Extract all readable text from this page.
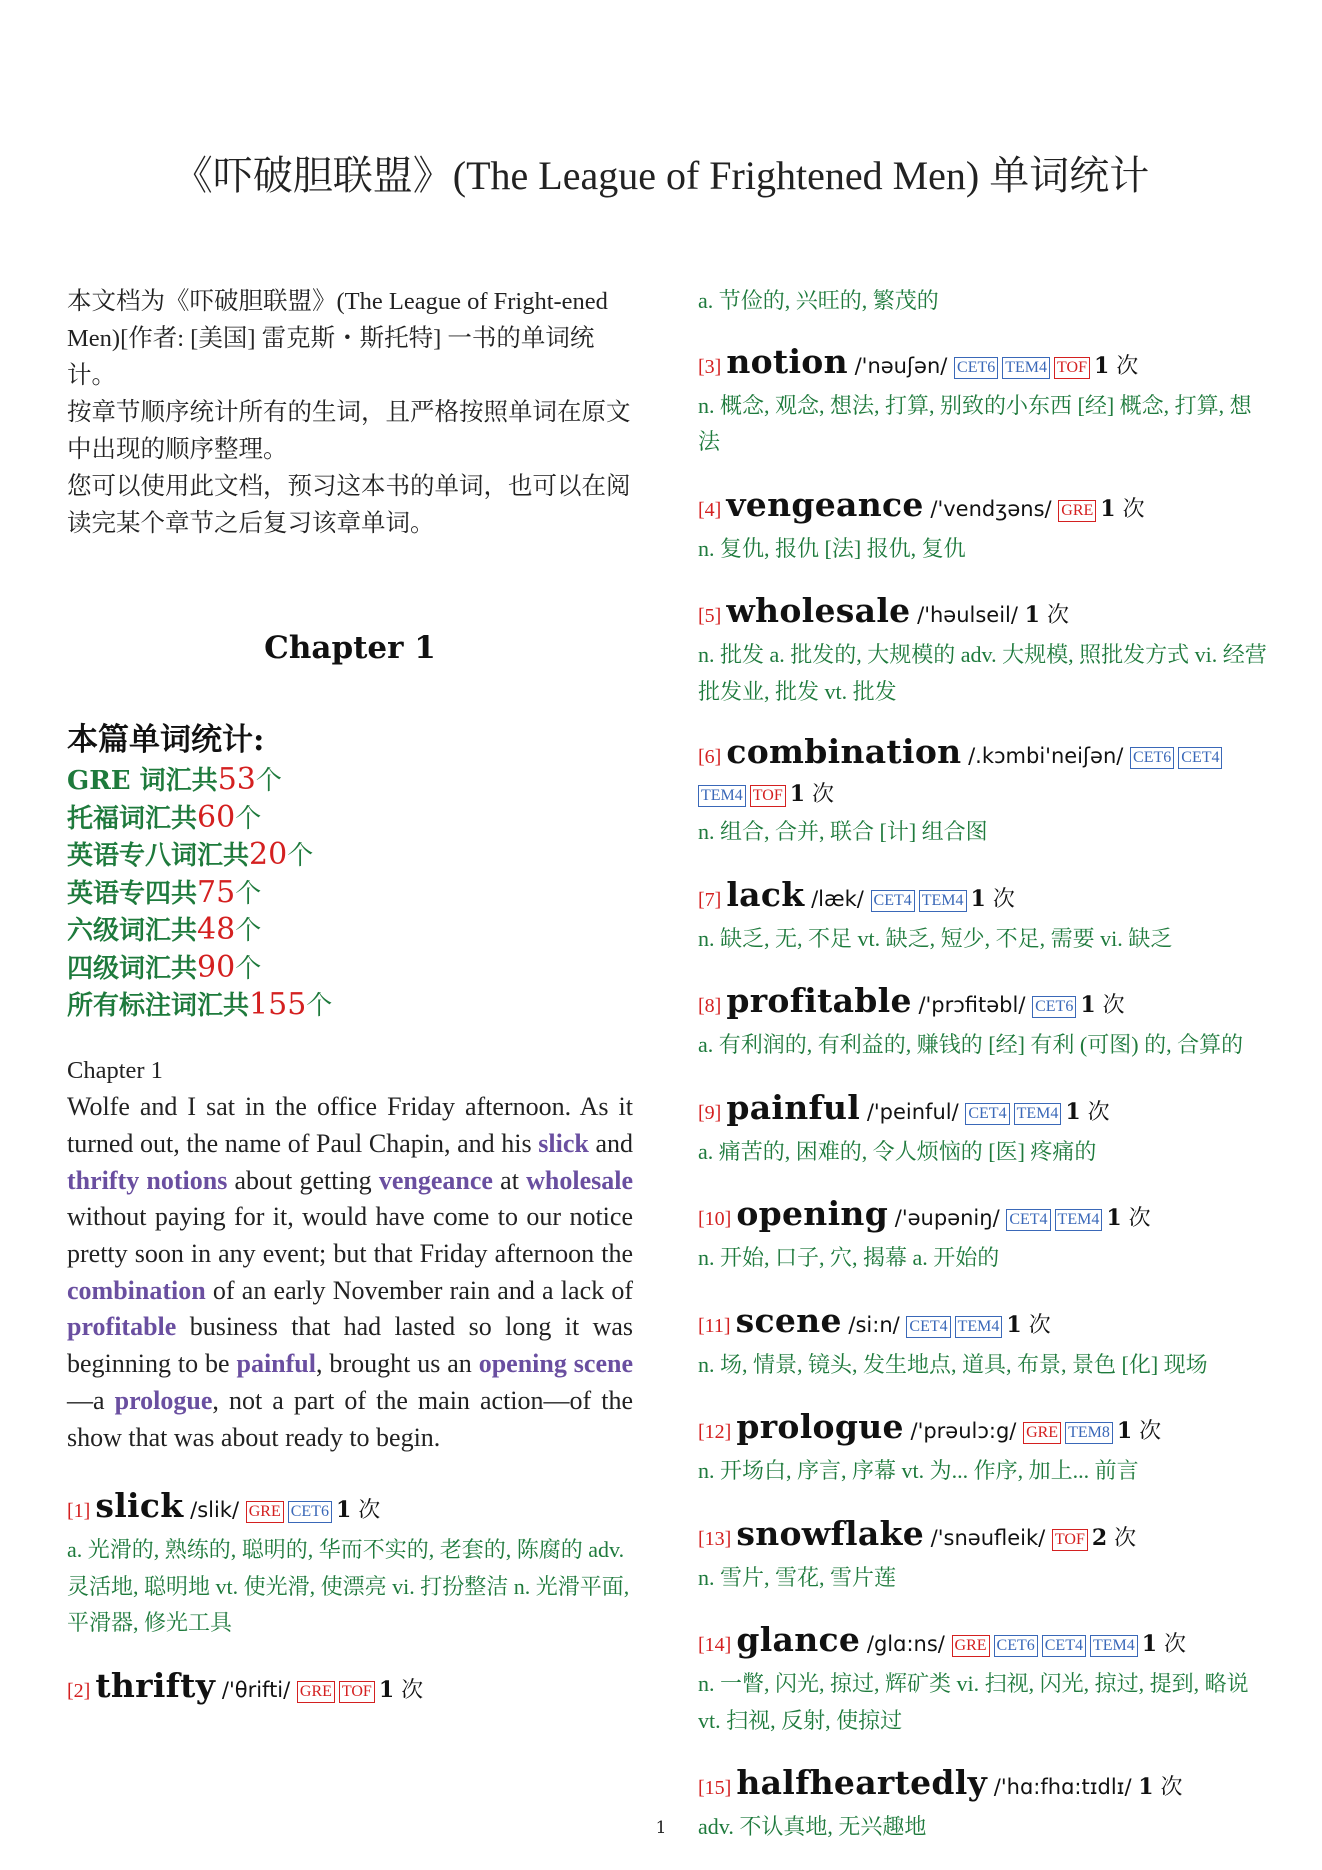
《吓破胆联盟》(The League of Frightened Men) 单词统计

本文档为《吓破胆联盟》(The League of Fright-ened Men)[作者: [美国] 雷克斯・斯托特] 一书的单词统计。

按章节顺序统计所有的生词，且严格按照单词在原文中出现的顺序整理。

您可以使用此文档，预习这本书的单词，也可以在阅读完某个章节之后复习该章单词。

Chapter 1
本篇单词统计:
GRE 词汇共53个
托福词汇共60个
英语专八词汇共20个
英语专四共75个
六级词汇共48个
四级词汇共90个
所有标注词汇共155个
Chapter 1
Wolfe and I sat in the office Friday afternoon. As it turned out, the name of Paul Chapin, and his slick and thrifty notions about getting vengeance at wholesale without paying for it, would have come to our notice pretty soon in any event; but that Friday afternoon the combination of an early November rain and a lack of profitable business that had lasted so long it was beginning to be painful, brought us an opening scene—a prologue, not a part of the main action—of the show that was about ready to begin.
[1] slick /slik/ GRE CET6 1 次
a. 光滑的, 熟练的, 聪明的, 华而不实的, 老套的, 陈腐的 adv. 灵活地, 聪明地 vt. 使光滑, 使漂亮 vi. 打扮整洁 n. 光滑平面, 平滑器, 修光工具
[2] thrifty /'θrifti/ GRE TOF 1 次
a. 节俭的, 兴旺的, 繁茂的
[3] notion /'nəuʃən/ CET6 TEM4 TOF 1 次
n. 概念, 观念, 想法, 打算, 别致的小东西 [经] 概念, 打算, 想法
[4] vengeance /'vendʒəns/ GRE 1 次
n. 复仇, 报仇 [法] 报仇, 复仇
[5] wholesale /'həulseil/ 1 次
n. 批发 a. 批发的, 大规模的 adv. 大规模, 照批发方式 vi. 经营批发业, 批发 vt. 批发
[6] combination /.kɔmbi'neiʃən/ CET6 CET4TEM4 TOF 1 次
n. 组合, 合并, 联合 [计] 组合图
[7] lack /læk/ CET4 TEM4 1 次
n. 缺乏, 无, 不足 vt. 缺乏, 短少, 不足, 需要 vi. 缺乏
[8] profitable /'prɔfitəbl/ CET6 1 次
a. 有利润的, 有利益的, 赚钱的 [经] 有利 (可图) 的, 合算的
[9] painful /'peinful/ CET4 TEM4 1 次
a. 痛苦的, 困难的, 令人烦恼的 [医] 疼痛的
[10] opening /'əupəniŋ/ CET4 TEM4 1 次
n. 开始, 口子, 穴, 揭幕 a. 开始的
[11] scene /si:n/ CET4 TEM4 1 次
n. 场, 情景, 镜头, 发生地点, 道具, 布景, 景色 [化] 现场
[12] prologue /'prəulɔ:g/ GRE TEM8 1 次
n. 开场白, 序言, 序幕 vt. 为... 作序, 加上... 前言
[13] snowflake /'snəufleik/ TOF 2 次
n. 雪片, 雪花, 雪片莲
[14] glance /glɑ:ns/ GRE CET6 CET4 TEM4 1 次
n. 一瞥, 闪光, 掠过, 辉矿类 vi. 扫视, 闪光, 掠过, 提到, 略说 vt. 扫视, 反射, 使掠过
[15] halfheartedly /'hɑ:fhɑ:tɪdlɪ/ 1 次
adv. 不认真地, 无兴趣地
1
